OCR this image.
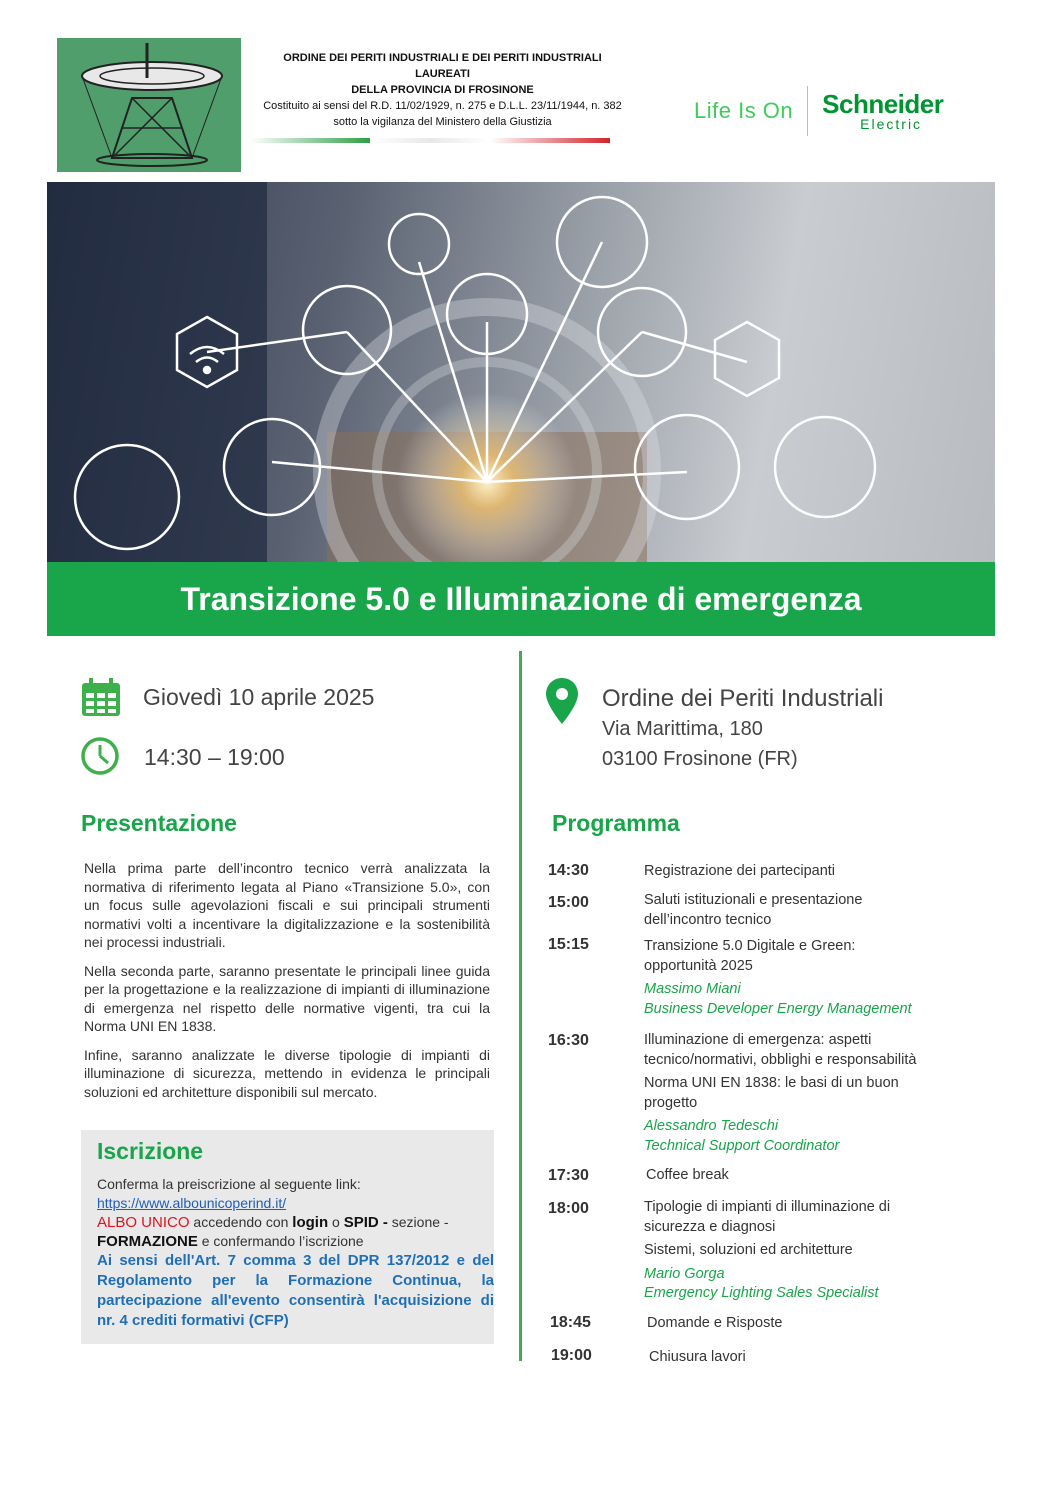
ORDINE DEI PERITI INDUSTRIALI E DEI PERITI INDUSTRIALI
LAUREATI
DELLA PROVINCIA DI FROSINONE
Costituito ai sensi del R.D. 11/02/1929, n. 275 e D.L.L. 23/11/1944, n. 382
sotto la vigilanza del Ministero della Giustizia	Life Is On Schneider
Electric
Transizione 5.0 e Illuminazione di emergenza
Giovedì 10 aprile 2025
14:30 – 19:00
Ordine dei Periti Industriali
Via Marittima, 180
03100 Frosinone (FR)
Presentazione

Nella prima parte dell’incontro tecnico verrà analizzata la normativa di riferimento legata al Piano «Transizione 5.0», con un focus sulle agevolazioni fiscali e sui principali strumenti normativi volti a incentivare la digitalizzazione e la sostenibilità nei processi industriali.

Nella seconda parte, saranno presentate le principali linee guida per la progettazione e la realizzazione di impianti di illuminazione di emergenza nel rispetto delle normative vigenti, tra cui la Norma UNI EN 1838.

Infine, saranno analizzate le diverse tipologie di impianti di illuminazione di sicurezza, mettendo in evidenza le principali soluzioni ed architetture disponibili sul mercato.

Iscrizione
Conferma la preiscrizione al seguente link:
https://www.albounicoperind.it/
ALBO UNICO accedendo con login o SPID - sezione - FORMAZIONE e confermando l’iscrizione
Ai sensi dell'Art. 7 comma 3 del DPR 137/2012 e del Regolamento per la Formazione Continua, la partecipazione all'evento consentirà l'acquisizione di nr. 4 crediti formativi (CFP)
Programma
14:30	Registrazione dei partecipanti
15:00	Saluti istituzionali e presentazione dell’incontro tecnico
15:15	Transizione 5.0 Digitale e Green: opportunità 2025
Massimo Miani
Business Developer Energy Management
16:30	Illuminazione di emergenza: aspetti tecnico/normativi, obblighi e responsabilità
Norma UNI EN 1838: le basi di un buon progetto
Alessandro Tedeschi
Technical Support Coordinator
17:30	Coffee break
18:00	Tipologie di impianti di illuminazione di sicurezza e diagnosi
Sistemi, soluzioni ed architetture
Mario Gorga
Emergency Lighting Sales Specialist
18:45	Domande e Risposte
19:00	Chiusura lavori
